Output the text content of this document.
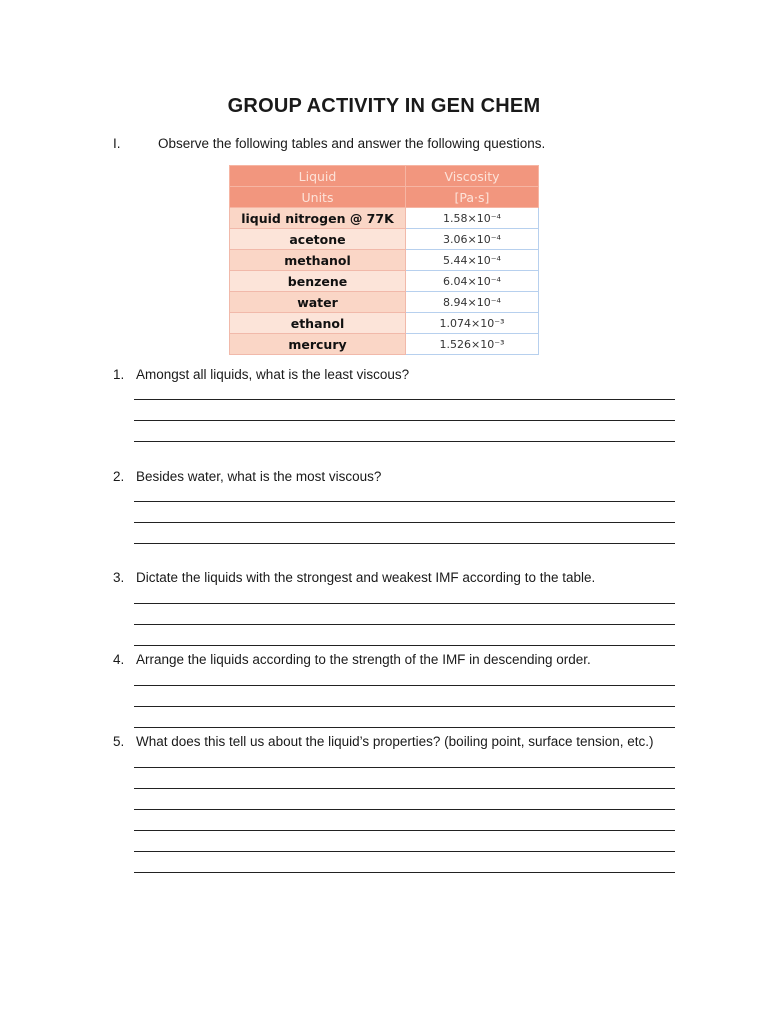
GROUP ACTIVITY IN GEN CHEM
I.	Observe the following tables and answer the following questions.
Liquid	Viscosity
Units	[Pa·s]
liquid nitrogen @ 77K	1.58×10⁻⁴
acetone	3.06×10⁻⁴
methanol	5.44×10⁻⁴
benzene	6.04×10⁻⁴
water	8.94×10⁻⁴
ethanol	1.074×10⁻³
mercury	1.526×10⁻³
1. Amongst all liquids, what is the least viscous?
2. Besides water, what is the most viscous?
3. Dictate the liquids with the strongest and weakest IMF according to the table.
4. Arrange the liquids according to the strength of the IMF in descending order.
5. What does this tell us about the liquid’s properties? (boiling point, surface tension, etc.)
